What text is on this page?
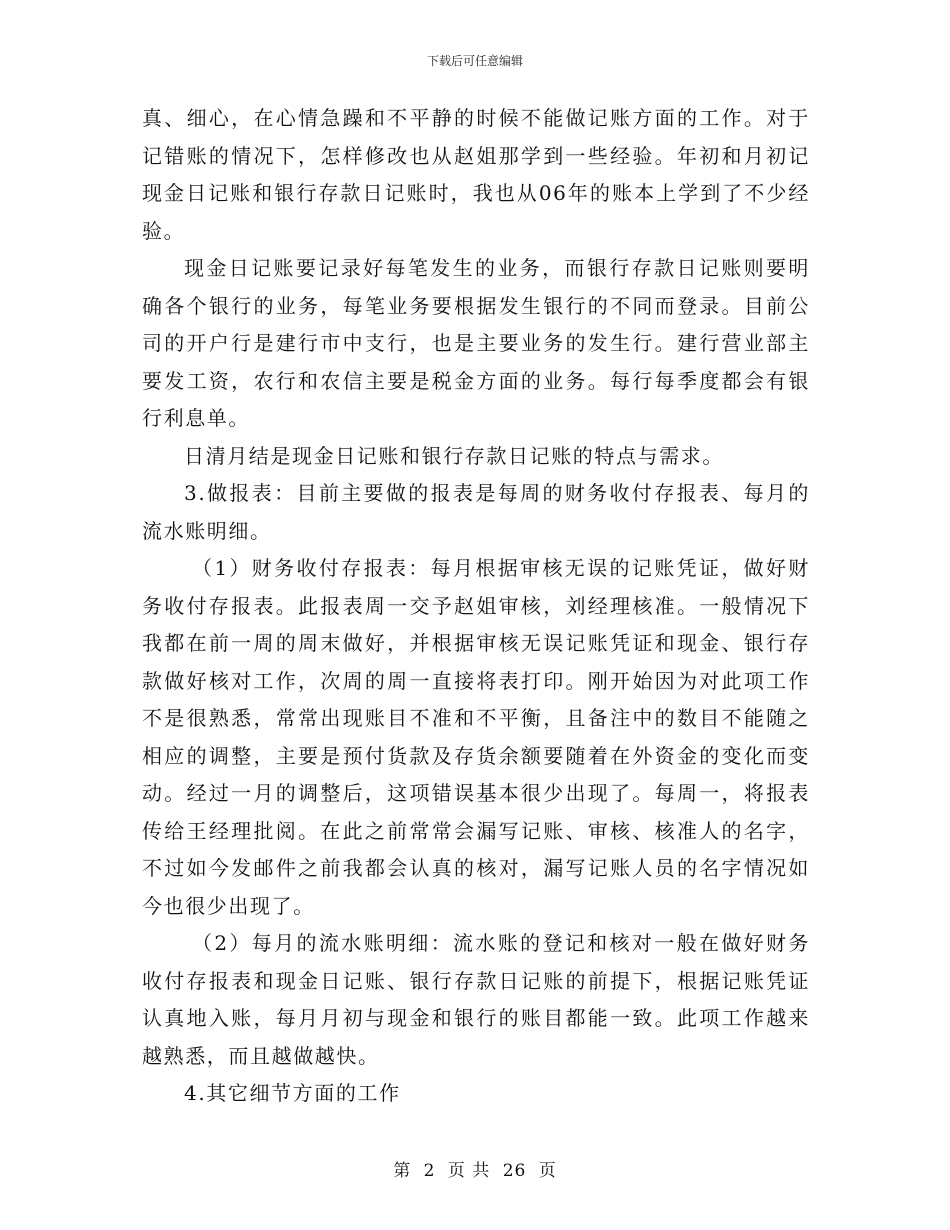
下载后可任意编辑

真、细心，在心情急躁和不平静的时候不能做记账方面的工作。对于记错账的情况下，怎样修改也从赵姐那学到一些经验。年初和月初记现金日记账和银行存款日记账时，我也从06年的账本上学到了不少经验。

现金日记账要记录好每笔发生的业务，而银行存款日记账则要明确各个银行的业务，每笔业务要根据发生银行的不同而登录。目前公司的开户行是建行市中支行，也是主要业务的发生行。建行营业部主要发工资，农行和农信主要是税金方面的业务。每行每季度都会有银行利息单。

日清月结是现金日记账和银行存款日记账的特点与需求。

3.做报表：目前主要做的报表是每周的财务收付存报表、每月的流水账明细。

（1）财务收付存报表：每月根据审核无误的记账凭证，做好财务收付存报表。此报表周一交予赵姐审核，刘经理核准。一般情况下我都在前一周的周末做好，并根据审核无误记账凭证和现金、银行存款做好核对工作，次周的周一直接将表打印。刚开始因为对此项工作不是很熟悉，常常出现账目不准和不平衡，且备注中的数目不能随之相应的调整，主要是预付货款及存货余额要随着在外资金的变化而变动。经过一月的调整后，这项错误基本很少出现了。每周一，将报表传给王经理批阅。在此之前常常会漏写记账、审核、核准人的名字，不过如今发邮件之前我都会认真的核对，漏写记账人员的名字情况如今也很少出现了。

（2）每月的流水账明细：流水账的登记和核对一般在做好财务收付存报表和现金日记账、银行存款日记账的前提下，根据记账凭证认真地入账，每月月初与现金和银行的账目都能一致。此项工作越来越熟悉，而且越做越快。

4.其它细节方面的工作

第 2 页 共 26 页
